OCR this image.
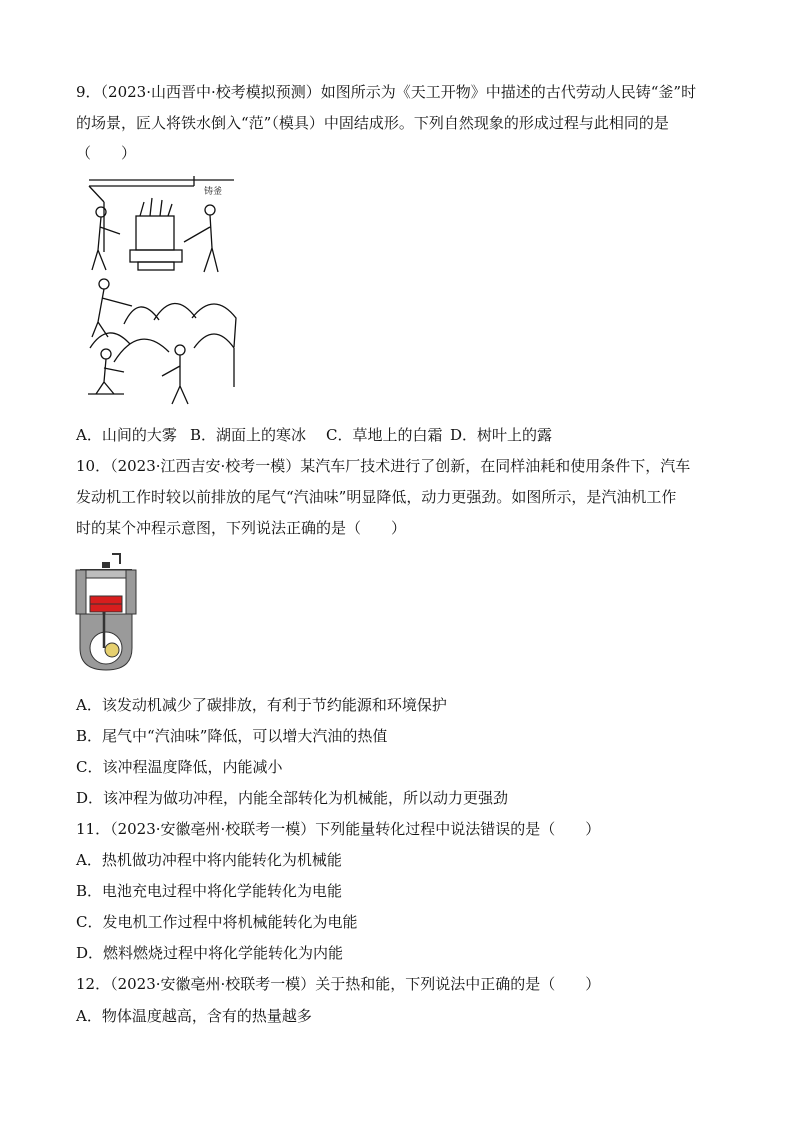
9．（2023·山西晋中·校考模拟预测）如图所示为《天工开物》中描述的古代劳动人民铸“釜”时
的场景，匠人将铁水倒入“范”（模具）中固结成形。下列自然现象的形成过程与此相同的是
（　　）
铸釜
A．山间的大雾 B．湖面上的寒冰 C．草地上的白霜 D．树叶上的露
10．（2023·江西吉安·校考一模）某汽车厂技术进行了创新，在同样油耗和使用条件下，汽车
发动机工作时较以前排放的尾气“汽油味”明显降低，动力更强劲。如图所示，是汽油机工作
时的某个冲程示意图，下列说法正确的是（　　）
A．该发动机减少了碳排放，有利于节约能源和环境保护
B．尾气中“汽油味”降低，可以增大汽油的热值
C．该冲程温度降低，内能减小
D．该冲程为做功冲程，内能全部转化为机械能，所以动力更强劲
11．（2023·安徽亳州·校联考一模）下列能量转化过程中说法错误的是（　　）
A．热机做功冲程中将内能转化为机械能
B．电池充电过程中将化学能转化为电能
C．发电机工作过程中将机械能转化为电能
D．燃料燃烧过程中将化学能转化为内能
12．（2023·安徽亳州·校联考一模）关于热和能，下列说法中正确的是（　　）
A．物体温度越高，含有的热量越多
